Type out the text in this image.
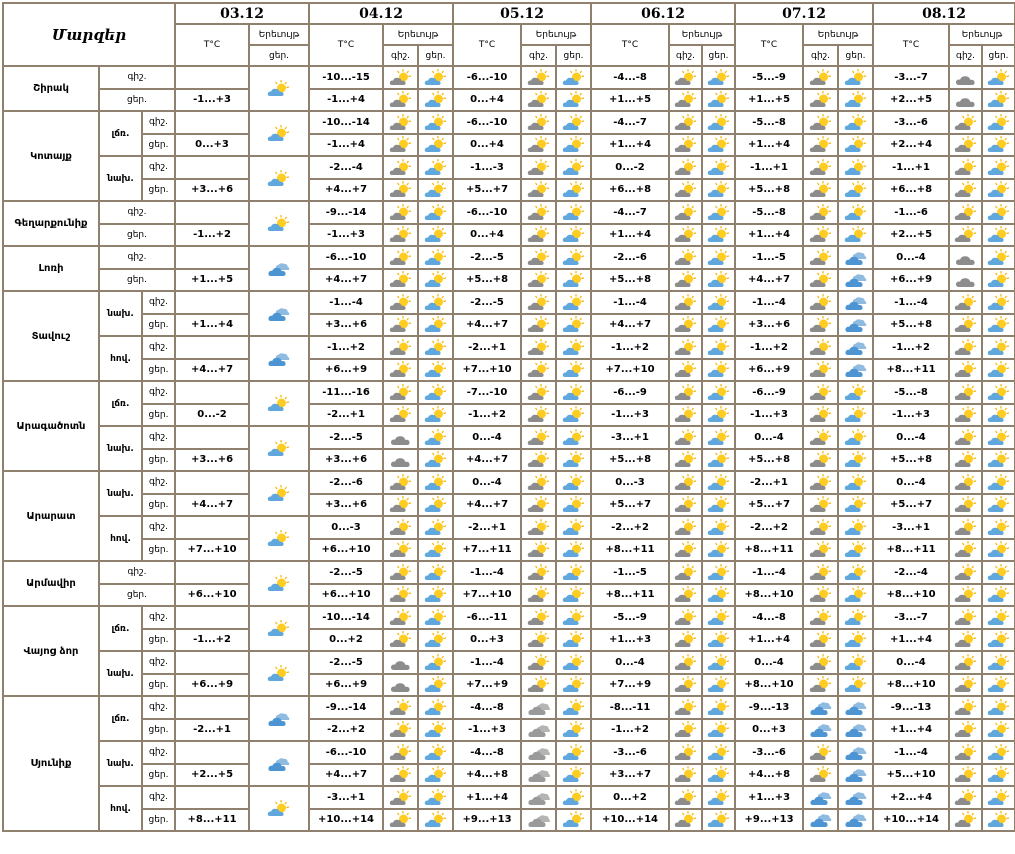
Մարզեր			03.12		04.12			05.12			06.12			07.12			08.12		
			T°C	Երեւույթ	T°C	Երեւույթ		T°C	Երեւույթ		T°C	Երեւույթ		T°C	Երեւույթ		T°C	Երեւույթ	
				ցեր.		գիշ.	ցեր.		գիշ.	ցեր.		գիշ.	ցեր.		գիշ.	ցեր.		գիշ.	ցեր.
Շիրակ	գիշ.				-10...-15			-6...-10			-4...-8			-5...-9			-3...-7		
	ցեր.		-1...+3		-1...+4			0...+4			+1...+5			+1...+5			+2...+5		
Կոտայք	լճռ.	գիշ.			-10...-14			-6...-10			-4...-7			-5...-8			-3...-6		
		ցեր.	0...+3		-1...+4			0...+4			+1...+4			+1...+4			+2...+4		
	նախ.	գիշ.			-2...-4			-1...-3			0...-2			-1...+1			-1...+1		
		ցեր.	+3...+6		+4...+7			+5...+7			+6...+8			+5...+8			+6...+8		
Գեղարքունիք	գիշ.				-9...-14			-6...-10			-4...-7			-5...-8			-1...-6		
	ցեր.		-1...+2		-1...+3			0...+4			+1...+4			+1...+4			+2...+5		
Լոռի	գիշ.				-6...-10			-2...-5			-2...-6			-1...-5			0...-4		
	ցեր.		+1...+5		+4...+7			+5...+8			+5...+8			+4...+7			+6...+9		
Տավուշ	նախ.	գիշ.			-1...-4			-2...-5			-1...-4			-1...-4			-1...-4		
		ցեր.	+1...+4		+3...+6			+4...+7			+4...+7			+3...+6			+5...+8		
	հով.	գիշ.			-1...+2			-2...+1			-1...+2			-1...+2			-1...+2		
		ցեր.	+4...+7		+6...+9			+7...+10			+7...+10			+6...+9			+8...+11		
Արագածոտն	լճռ.	գիշ.			-11...-16			-7...-10			-6...-9			-6...-9			-5...-8		
		ցեր.	0...-2		-2...+1			-1...+2			-1...+3			-1...+3			-1...+3		
	նախ.	գիշ.			-2...-5			0...-4			-3...+1			0...-4			0...-4		
		ցեր.	+3...+6		+3...+6			+4...+7			+5...+8			+5...+8			+5...+8		
Արարատ	նախ.	գիշ.			-2...-6			0...-4			0...-3			-2...+1			0...-4		
		ցեր.	+4...+7		+3...+6			+4...+7			+5...+7			+5...+7			+5...+7		
	հով.	գիշ.			0...-3			-2...+1			-2...+2			-2...+2			-3...+1		
		ցեր.	+7...+10		+6...+10			+7...+11			+8...+11			+8...+11			+8...+11		
Արմավիր	գիշ.				-2...-5			-1...-4			-1...-5			-1...-4			-2...-4		
	ցեր.		+6...+10		+6...+10			+7...+10			+8...+11			+8...+10			+8...+10		
Վայոց ձոր	լճռ.	գիշ.			-10...-14			-6...-11			-5...-9			-4...-8			-3...-7		
		ցեր.	-1...+2		0...+2			0...+3			+1...+3			+1...+4			+1...+4		
	նախ.	գիշ.			-2...-5			-1...-4			0...-4			0...-4			0...-4		
		ցեր.	+6...+9		+6...+9			+7...+9			+7...+9			+8...+10			+8...+10		
Սյունիք	լճռ.	գիշ.			-9...-14			-4...-8			-8...-11			-9...-13			-9...-13		
		ցեր.	-2...+1		-2...+2			-1...+3			-1...+2			0...+3			+1...+4		
	նախ.	գիշ.			-6...-10			-4...-8			-3...-6			-3...-6			-1...-4		
		ցեր.	+2...+5		+4...+7			+4...+8			+3...+7			+4...+8			+5...+10		
	հով.	գիշ.			-3...+1			+1...+4			0...+2			+1...+3			+2...+4		
		ցեր.	+8...+11		+10...+14			+9...+13			+10...+14			+9...+13			+10...+14		
